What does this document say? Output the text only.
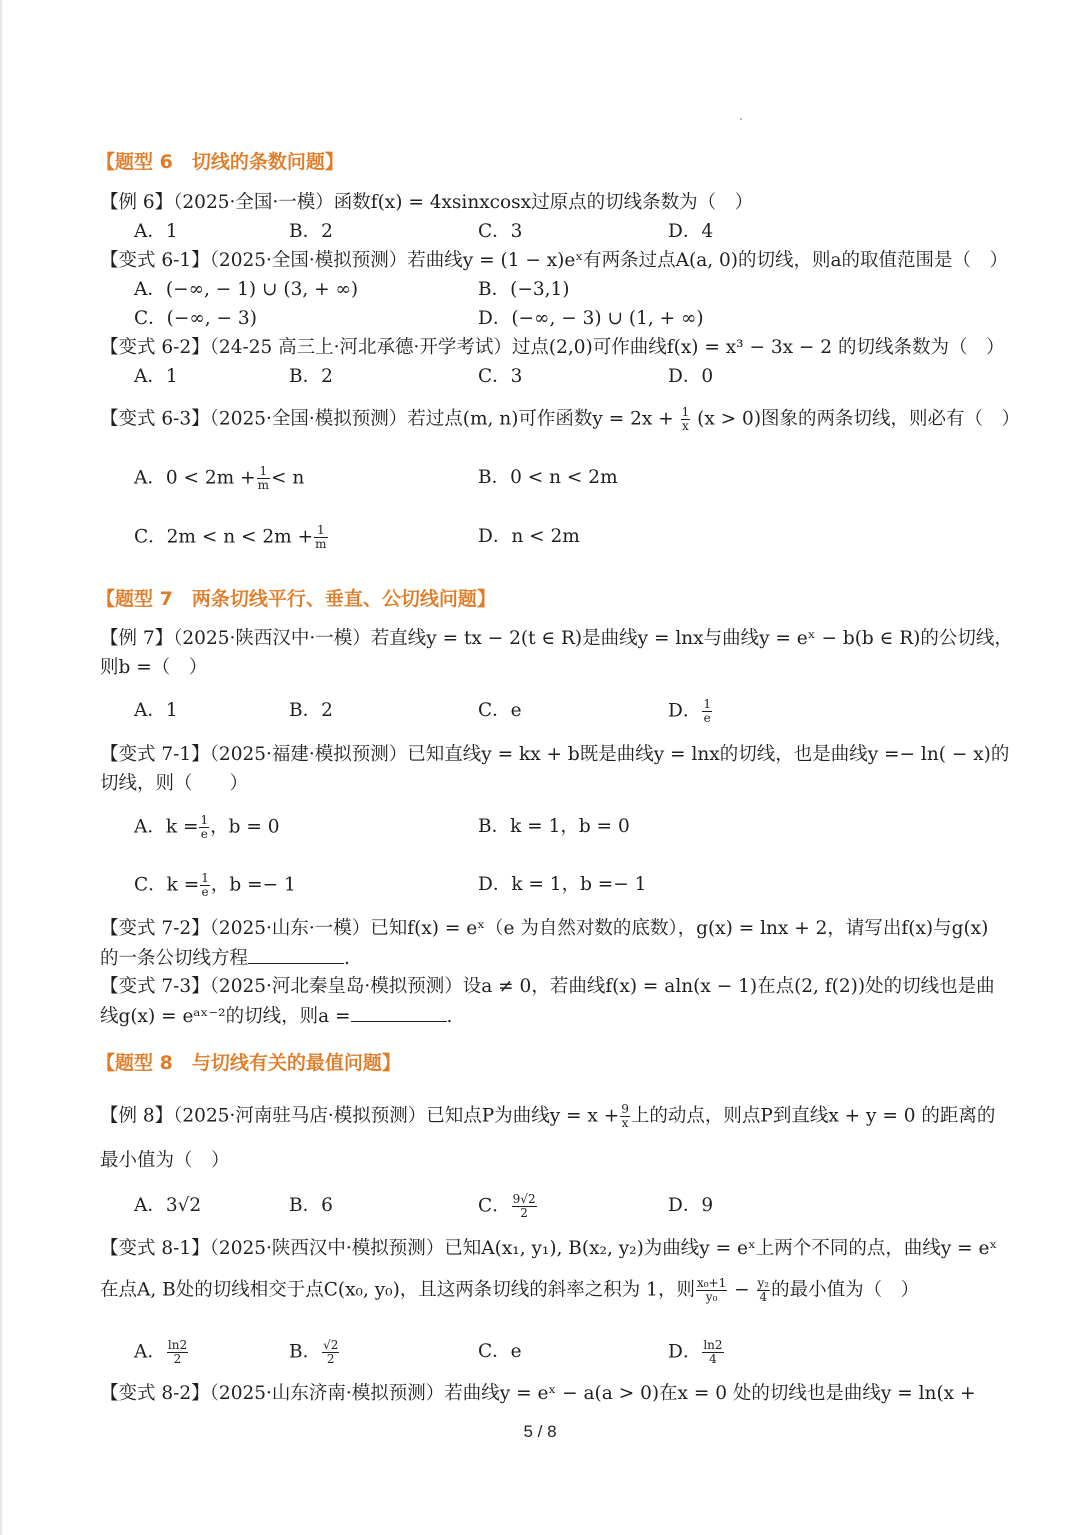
【题型 6　切线的条数问题】
【例 6】（2025·全国·一模）函数f(x) = 4xsinxcosx过原点的切线条数为（　）
A．1	B．2	C．3	D．4
【变式 6-1】（2025·全国·模拟预测）若曲线y = (1 − x)eˣ有两条过点A(a, 0)的切线，则a的取值范围是（　）
A．(−∞, − 1) ∪ (3, + ∞)	B．(−3,1)
C．(−∞, − 3)	D．(−∞, − 3) ∪ (1, + ∞)
【变式 6-2】（24-25 高三上·河北承德·开学考试）过点(2,0)可作曲线f(x) = x³ − 3x − 2 的切线条数为（　）
A．1	B．2	C．3	D．0
【变式 6-3】（2025·全国·模拟预测）若过点(m, n)可作函数$y = 2x + \frac{1}{x} (x > 0)$图象的两条切线，则必有（　）
A．$0 < 2m + \frac{1}{m} < n$	B．0 < n < 2m
C．$2m < n < 2m + \frac{1}{m}$	D．n < 2m
【题型 7　两条切线平行、垂直、公切线问题】
【例 7】（2025·陕西汉中·一模）若直线y = tx − 2(t ∈ R)是曲线y = lnx与曲线y = eˣ − b(b ∈ R)的公切线，
则b =（　）
A．1	B．2	C．e	D． $\frac{1}{e}$
【变式 7-1】（2025·福建·模拟预测）已知直线y = kx + b既是曲线y = lnx的切线，也是曲线y =− ln( − x)的
切线，则（　　）
A．$k = \frac{1}{e}$ ，b = 0	B．k = 1，b = 0
C．$k = \frac{1}{e}$ ，b =− 1	D．k = 1，b =− 1
【变式 7-2】（2025·山东·一模）已知f(x) = eˣ（e 为自然对数的底数），g(x) = lnx + 2，请写出f(x)与g(x)
的一条公切线方程	.
【变式 7-3】（2025·河北秦皇岛·模拟预测）设a ≠ 0，若曲线f(x) = aln(x − 1)在点(2, f(2))处的切线也是曲
线g(x) = eᵃˣ⁻²的切线，则a =	.
【题型 8　与切线有关的最值问题】
【例 8】（2025·河南驻马店·模拟预测）已知点P为曲线$y = x + \frac{9}{x}$ 上的动点，则点P到直线x + y = 0 的距离的
最小值为（　）
A．3√2	B．6	C． $\frac{9√2}{2}$	D．9
【变式 8-1】（2025·陕西汉中·模拟预测）已知A(x₁, y₁), B(x₂, y₂)为曲线y = eˣ上两个不同的点，曲线y = eˣ
在点A, B处的切线相交于点C(x₀, y₀)，且这两条切线的斜率之积为 1，则 $\frac{\text{x₀+1}}{\text{y₀}} - \frac{\text{y₂}}{4}$ 的最小值为（　）
A． $\frac{\ln 2}{2}$	B． $\frac{√2}{2}$	C．e	D． $\frac{\ln 2}{4}$
【变式 8-2】（2025·山东济南·模拟预测）若曲线y = eˣ − a(a > 0)在x = 0 处的切线也是曲线y = ln(x +
5 / 8
